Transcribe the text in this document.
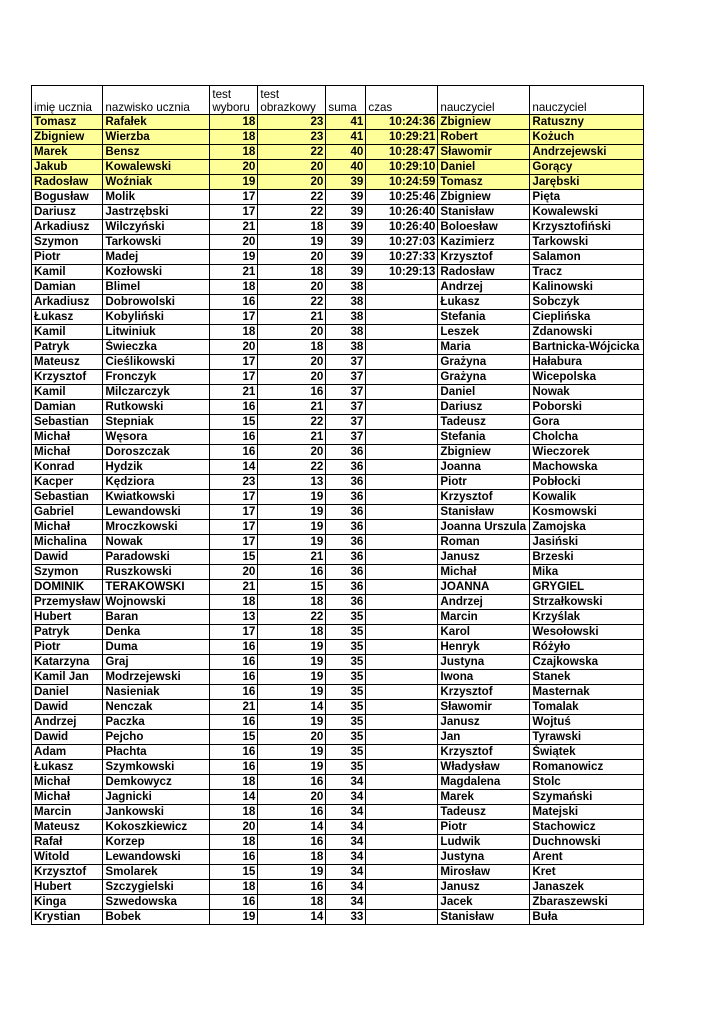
imię ucznia	nazwisko ucznia	test wyboru	test obrazkowy	suma	czas	nauczyciel	nauczyciel
Tomasz	Rafałek	18	23	41	10:24:36	Zbigniew	Ratuszny
Zbigniew	Wierzba	18	23	41	10:29:21	Robert	Kożuch
Marek	Bensz	18	22	40	10:28:47	Sławomir	Andrzejewski
Jakub	Kowalewski	20	20	40	10:29:10	Daniel	Gorący
Radosław	Woźniak	19	20	39	10:24:59	Tomasz	Jarębski
Bogusław	Molik	17	22	39	10:25:46	Zbigniew	Pięta
Dariusz	Jastrzębski	17	22	39	10:26:40	Stanisław	Kowalewski
Arkadiusz	Wilczyński	21	18	39	10:26:40	Boloesław	Krzysztofiński
Szymon	Tarkowski	20	19	39	10:27:03	Kazimierz	Tarkowski
Piotr	Madej	19	20	39	10:27:33	Krzysztof	Salamon
Kamil	Kozłowski	21	18	39	10:29:13	Radosław	Tracz
Damian	Blimel	18	20	38		Andrzej	Kalinowski
Arkadiusz	Dobrowolski	16	22	38		Łukasz	Sobczyk
Łukasz	Kobyliński	17	21	38		Stefania	Cieplińska
Kamil	Litwiniuk	18	20	38		Leszek	Zdanowski
Patryk	Świeczka	20	18	38		Maria	Bartnicka-Wójcicka
Mateusz	Cieślikowski	17	20	37		Grażyna	Hałabura
Krzysztof	Fronczyk	17	20	37		Grażyna	Wicepolska
Kamil	Milczarczyk	21	16	37		Daniel	Nowak
Damian	Rutkowski	16	21	37		Dariusz	Poborski
Sebastian	Stepniak	15	22	37		Tadeusz	Gora
Michał	Węsora	16	21	37		Stefania	Cholcha
Michał	Doroszczak	16	20	36		Zbigniew	Wieczorek
Konrad	Hydzik	14	22	36		Joanna	Machowska
Kacper	Kędziora	23	13	36		Piotr	Pobłocki
Sebastian	Kwiatkowski	17	19	36		Krzysztof	Kowalik
Gabriel	Lewandowski	17	19	36		Stanisław	Kosmowski
Michał	Mroczkowski	17	19	36		Joanna Urszula	Zamojska
Michalina	Nowak	17	19	36		Roman	Jasiński
Dawid	Paradowski	15	21	36		Janusz	Brzeski
Szymon	Ruszkowski	20	16	36		Michał	Mika
DOMINIK	TERAKOWSKI	21	15	36		JOANNA	GRYGIEL
Przemysław	Wojnowski	18	18	36		Andrzej	Strzałkowski
Hubert	Baran	13	22	35		Marcin	Krzyślak
Patryk	Denka	17	18	35		Karol	Wesołowski
Piotr	Duma	16	19	35		Henryk	Różyło
Katarzyna	Graj	16	19	35		Justyna	Czajkowska
Kamil Jan	Modrzejewski	16	19	35		Iwona	Stanek
Daniel	Nasieniak	16	19	35		Krzysztof	Masternak
Dawid	Nenczak	21	14	35		Sławomir	Tomalak
Andrzej	Paczka	16	19	35		Janusz	Wojtuś
Dawid	Pejcho	15	20	35		Jan	Tyrawski
Adam	Płachta	16	19	35		Krzysztof	Świątek
Łukasz	Szymkowski	16	19	35		Władysław	Romanowicz
Michał	Demkowycz	18	16	34		Magdalena	Stolc
Michał	Jagnicki	14	20	34		Marek	Szymański
Marcin	Jankowski	18	16	34		Tadeusz	Matejski
Mateusz	Kokoszkiewicz	20	14	34		Piotr	Stachowicz
Rafał	Korzep	18	16	34		Ludwik	Duchnowski
Witold	Lewandowski	16	18	34		Justyna	Arent
Krzysztof	Smolarek	15	19	34		Mirosław	Kret
Hubert	Szczygielski	18	16	34		Janusz	Janaszek
Kinga	Szwedowska	16	18	34		Jacek	Zbaraszewski
Krystian	Bobek	19	14	33		Stanisław	Buła
